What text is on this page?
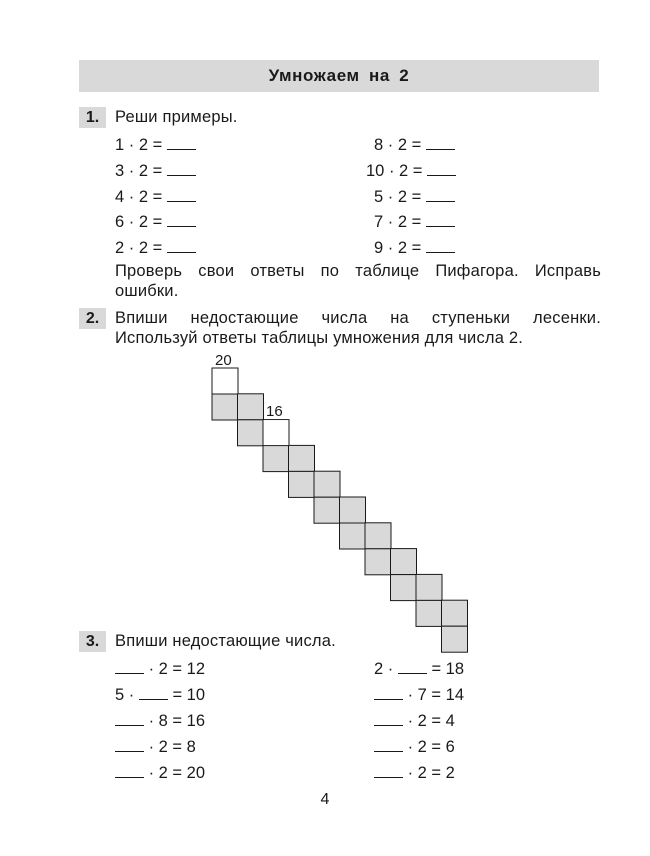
Умножаем на 2
1. Реши примеры.
1 · 2 =
3 · 2 =
4 · 2 =
6 · 2 =
2 · 2 =
8 · 2 =
10 · 2 =
5 · 2 =
7 · 2 =
9 · 2 =
Проверь свои ответы по таблице Пифагора. Исправь
ошибки.
2. Впиши недостающие числа на ступеньки лесенки.
Используй ответы таблицы умножения для числа 2.
20
16
3. Впиши недостающие числа.
· 2 = 12
5 · = 10
· 8 = 16
· 2 = 8
· 2 = 20
2 · = 18
· 7 = 14
· 2 = 4
· 2 = 6
· 2 = 2
4
